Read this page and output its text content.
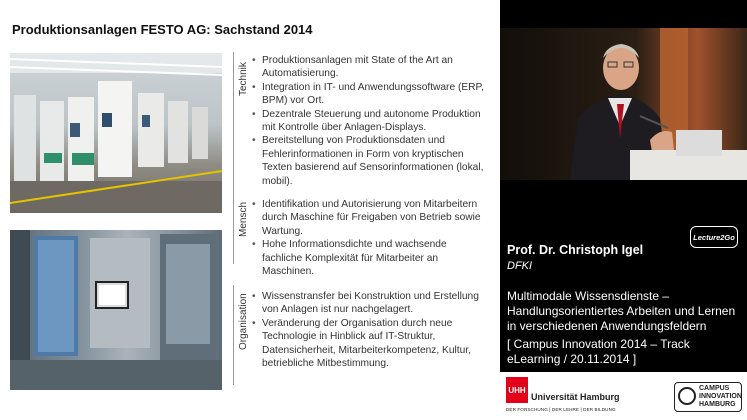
Produktionsanlagen FESTO AG: Sachstand 2014
Technik
Mensch
Organisation
• Produktionsanlagen mit State of the Art an Automatisierung.
• Integration in IT- und Anwendungssoftware (ERP, BPM) vor Ort.
• Dezentrale Steuerung und autonome Produktion mit Kontrolle über Anlagen-Displays.
• Bereitstellung von Produktionsdaten und Fehlerinformationen in Form von kryptischen Texten basierend auf Sensorinformationen (lokal, mobil).
• Identifikation und Autorisierung von Mitarbeitern durch Maschine für Freigaben von Betrieb sowie Wartung.
• Hohe Informationsdichte und wachsende fachliche Komplexität für Mitarbeiter an Maschinen.
• Wissenstransfer bei Konstruktion und Erstellung von Anlagen ist nur nachgelagert.
• Veränderung der Organisation durch neue Technologie in Hinblick auf IT-Struktur, Datensicherheit, Mitarbeiterkompetenz, Kultur, betriebliche Mitbestimmung.
Lecture2Go
Prof. Dr. Christoph Igel
DFKI
Multimodale Wissensdienste – Handlungsorientiertes Arbeiten und Lernen in verschiedenen Anwendungsfeldern
[ Campus Innovation 2014 – Track eLearning / 20.11.2014 ]
UHH
Universität Hamburg
DER FORSCHUNG | DER LEHRE | DER BILDUNG
CAMPUS
INNOVATION
HAMBURG
